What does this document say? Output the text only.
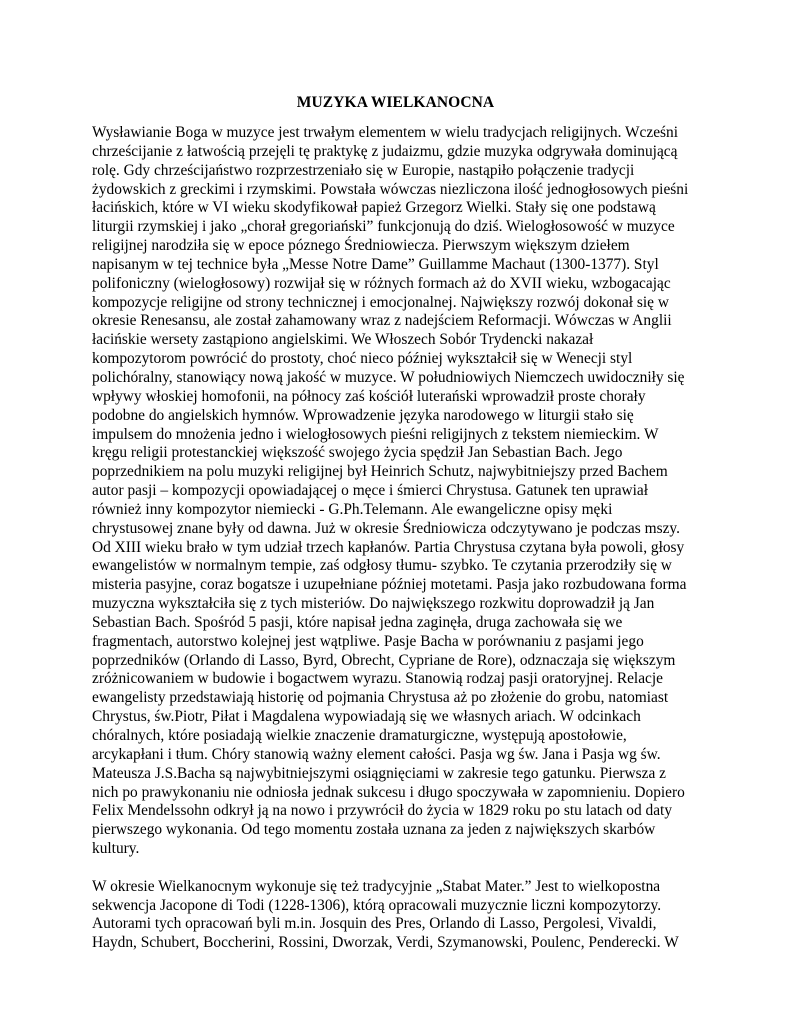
MUZYKA WIELKANOCNA
Wysławianie Boga w muzyce jest trwałym elementem w wielu tradycjach religijnych. Wcześni
chrześcijanie z łatwością przejęli tę praktykę z judaizmu, gdzie muzyka odgrywała dominującą
rolę. Gdy chrześcijaństwo rozprzestrzeniało się w Europie, nastąpiło połączenie tradycji
żydowskich z greckimi i rzymskimi. Powstała wówczas niezliczona ilość jednogłosowych pieśni
łacińskich, które w VI wieku skodyfikował papież Grzegorz Wielki. Stały się one podstawą
liturgii rzymskiej i jako „chorał gregoriański” funkcjonują do dziś. Wielogłosowość w muzyce
religijnej narodziła się w epoce póznego Średniowiecza. Pierwszym większym dziełem
napisanym w tej technice była „Messe Notre Dame” Guillamme Machaut (1300-1377). Styl
polifoniczny (wielogłosowy) rozwijał się w różnych formach aż do XVII wieku, wzbogacając
kompozycje religijne od strony technicznej i emocjonalnej. Największy rozwój dokonał się w
okresie Renesansu, ale został zahamowany wraz z nadejściem Reformacji. Wówczas w Anglii
łacińskie wersety zastąpiono angielskimi. We Włoszech Sobór Trydencki nakazał
kompozytorom powrócić do prostoty, choć nieco później wykształcił się w Wenecji styl
polichóralny, stanowiący nową jakość w muzyce. W południowiych Niemczech uwidoczniły się
wpływy włoskiej homofonii, na północy zaś kościół luterański wprowadził proste chorały
podobne do angielskich hymnów. Wprowadzenie języka narodowego w liturgii stało się
impulsem do mnożenia jedno i wielogłosowych pieśni religijnych z tekstem niemieckim. W
kręgu religii protestanckiej większość swojego życia spędził Jan Sebastian Bach. Jego
poprzednikiem na polu muzyki religijnej był Heinrich Schutz, najwybitniejszy przed Bachem
autor pasji – kompozycji opowiadającej o męce i śmierci Chrystusa. Gatunek ten uprawiał
również inny kompozytor niemiecki - G.Ph.Telemann. Ale ewangeliczne opisy męki
chrystusowej znane były od dawna. Już w okresie Średniowicza odczytywano je podczas mszy.
Od XIII wieku brało w tym udział trzech kapłanów. Partia Chrystusa czytana była powoli, głosy
ewangelistów w normalnym tempie, zaś odgłosy tłumu- szybko. Te czytania przerodziły się w
misteria pasyjne, coraz bogatsze i uzupełniane później motetami. Pasja jako rozbudowana forma
muzyczna wykształciła się z tych misteriów. Do największego rozkwitu doprowadził ją Jan
Sebastian Bach. Spośród 5 pasji, które napisał jedna zaginęła, druga zachowała się we
fragmentach, autorstwo kolejnej jest wątpliwe. Pasje Bacha w porównaniu z pasjami jego
poprzedników (Orlando di Lasso, Byrd, Obrecht, Cypriane de Rore), odznaczaja się większym
zróżnicowaniem w budowie i bogactwem wyrazu. Stanowią rodzaj pasji oratoryjnej. Relacje
ewangelisty przedstawiają historię od pojmania Chrystusa aż po złożenie do grobu, natomiast
Chrystus, św.Piotr, Piłat i Magdalena wypowiadają się we własnych ariach. W odcinkach
chóralnych, które posiadają wielkie znaczenie dramaturgiczne, występują apostołowie,
arcykapłani i tłum. Chóry stanowią ważny element całości. Pasja wg św. Jana i Pasja wg św.
Mateusza J.S.Bacha są najwybitniejszymi osiągnięciami w zakresie tego gatunku. Pierwsza z
nich po prawykonaniu nie odniosła jednak sukcesu i długo spoczywała w zapomnieniu. Dopiero
Felix Mendelssohn odkrył ją na nowo i przywrócił do życia w 1829 roku po stu latach od daty
pierwszego wykonania. Od tego momentu została uznana za jeden z największych skarbów
kultury.
W okresie Wielkanocnym wykonuje się też tradycyjnie „Stabat Mater.” Jest to wielkopostna
sekwencja Jacopone di Todi (1228-1306), którą opracowali muzycznie liczni kompozytorzy.
Autorami tych opracowań byli m.in. Josquin des Pres, Orlando di Lasso, Pergolesi, Vivaldi,
Haydn, Schubert, Boccherini, Rossini, Dworzak, Verdi, Szymanowski, Poulenc, Penderecki. W
